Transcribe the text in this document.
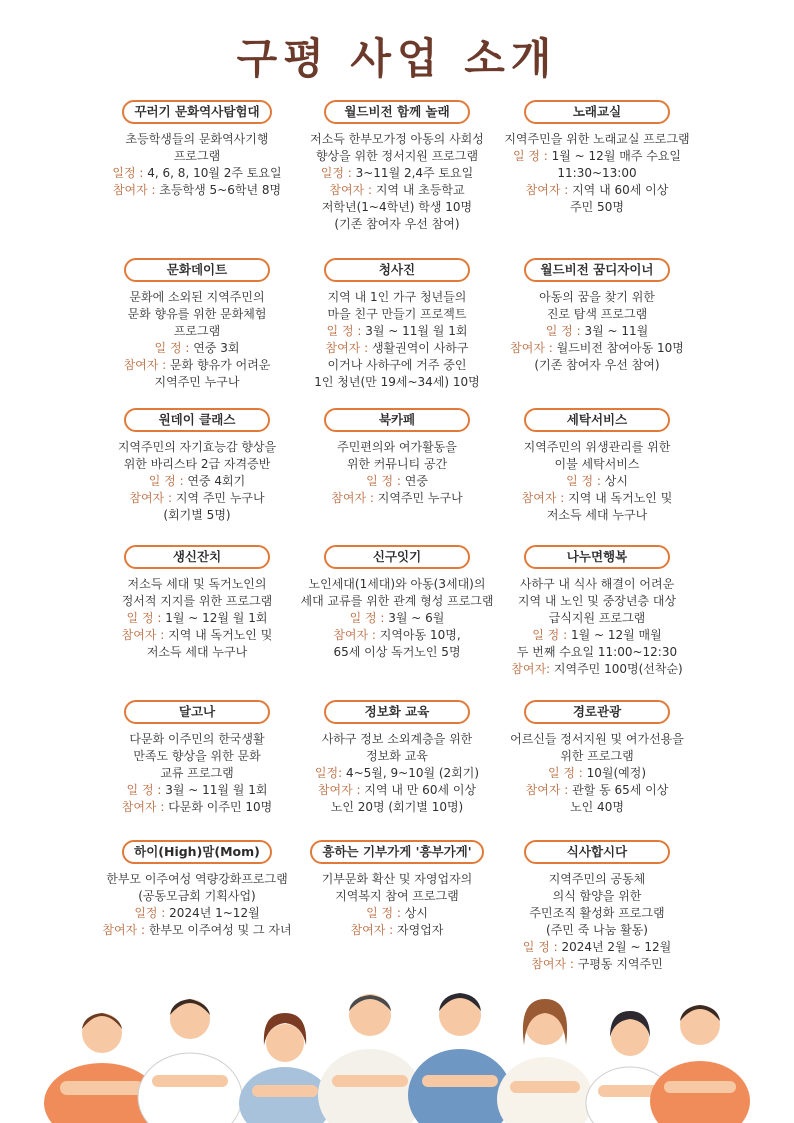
구평 사업 소개
꾸러기 문화역사탐험대
초등학생들의 문화역사기행
프로그램
일정 : 4, 6, 8, 10월 2주 토요일
참여자 : 초등학생 5~6학년 8명
월드비전 함께 놀래
저소득 한부모가정 아동의 사회성
향상을 위한 정서지원 프로그램
일정 : 3~11월 2,4주 토요일
참여자 : 지역 내 초등학교
저학년(1~4학년) 학생 10명
(기존 참여자 우선 참여)
노래교실
지역주민을 위한 노래교실 프로그램
일 정 : 1월 ~ 12월 매주 수요일
11:30~13:00
참여자 : 지역 내 60세 이상
주민 50명
문화데이트
문화에 소외된 지역주민의
문화 향유를 위한 문화체험
프로그램
일 정 : 연중 3회
참여자 : 문화 향유가 어려운
지역주민 누구나
청사진
지역 내 1인 가구 청년들의
마을 친구 만들기 프로젝트
일 정 : 3월 ~ 11월 월 1회
참여자 : 생활권역이 사하구
이거나 사하구에 거주 중인
1인 청년(만 19세~34세) 10명
월드비전 꿈디자이너
아동의 꿈을 찾기 위한
진로 탐색 프로그램
일 정 : 3월 ~ 11월
참여자 : 월드비전 참여아동 10명
(기존 참여자 우선 참여)
원데이 클래스
지역주민의 자기효능감 향상을
위한 바리스타 2급 자격증반
일 정 : 연중 4회기
참여자 : 지역 주민 누구나
(회기별 5명)
북카페
주민편의와 여가활동을
위한 커뮤니티 공간
일 정 : 연중
참여자 : 지역주민 누구나
세탁서비스
지역주민의 위생관리를 위한
이불 세탁서비스
일 정 : 상시
참여자 : 지역 내 독거노인 및
저소득 세대 누구나
생신잔치
저소득 세대 및 독거노인의
정서적 지지를 위한 프로그램
일 정 : 1월 ~ 12월 월 1회
참여자 : 지역 내 독거노인 및
저소득 세대 누구나
신구잇기
노인세대(1세대)와 아동(3세대)의
세대 교류를 위한 관계 형성 프로그램
일 정 : 3월 ~ 6월
참여자 : 지역아동 10명,
65세 이상 독거노인 5명
나누면행복
사하구 내 식사 해결이 어려운
지역 내 노인 및 중장년층 대상
급식지원 프로그램
일 정 : 1월 ~ 12월 매월
두 번째 수요일 11:00~12:30
참여자: 지역주민 100명(선착순)
달고나
다문화 이주민의 한국생활
만족도 향상을 위한 문화
교류 프로그램
일 정 : 3월 ~ 11월 월 1회
참여자 : 다문화 이주민 10명
정보화 교육
사하구 정보 소외계층을 위한
정보화 교육
일정: 4~5월, 9~10월 (2회기)
참여자 : 지역 내 만 60세 이상
노인 20명 (회기별 10명)
경로관광
어르신들 정서지원 및 여가선용을
위한 프로그램
일 정 : 10월(예정)
참여자 : 관할 동 65세 이상
노인 40명
하이(High)맘(Mom)
한부모 이주여성 역량강화프로그램
(공동모금회 기획사업)
일정 : 2024년 1~12월
참여자 : 한부모 이주여성 및 그 자녀
흥하는 기부가게 '흥부가게'
기부문화 확산 및 자영업자의
지역복지 참여 프로그램
일 정 : 상시
참여자 : 자영업자
식사합시다
지역주민의 공동체
의식 함양을 위한
주민조직 활성화 프로그램
(주민 죽 나눔 활동)
일 정 : 2024년 2월 ~ 12월
참여자 : 구평동 지역주민
